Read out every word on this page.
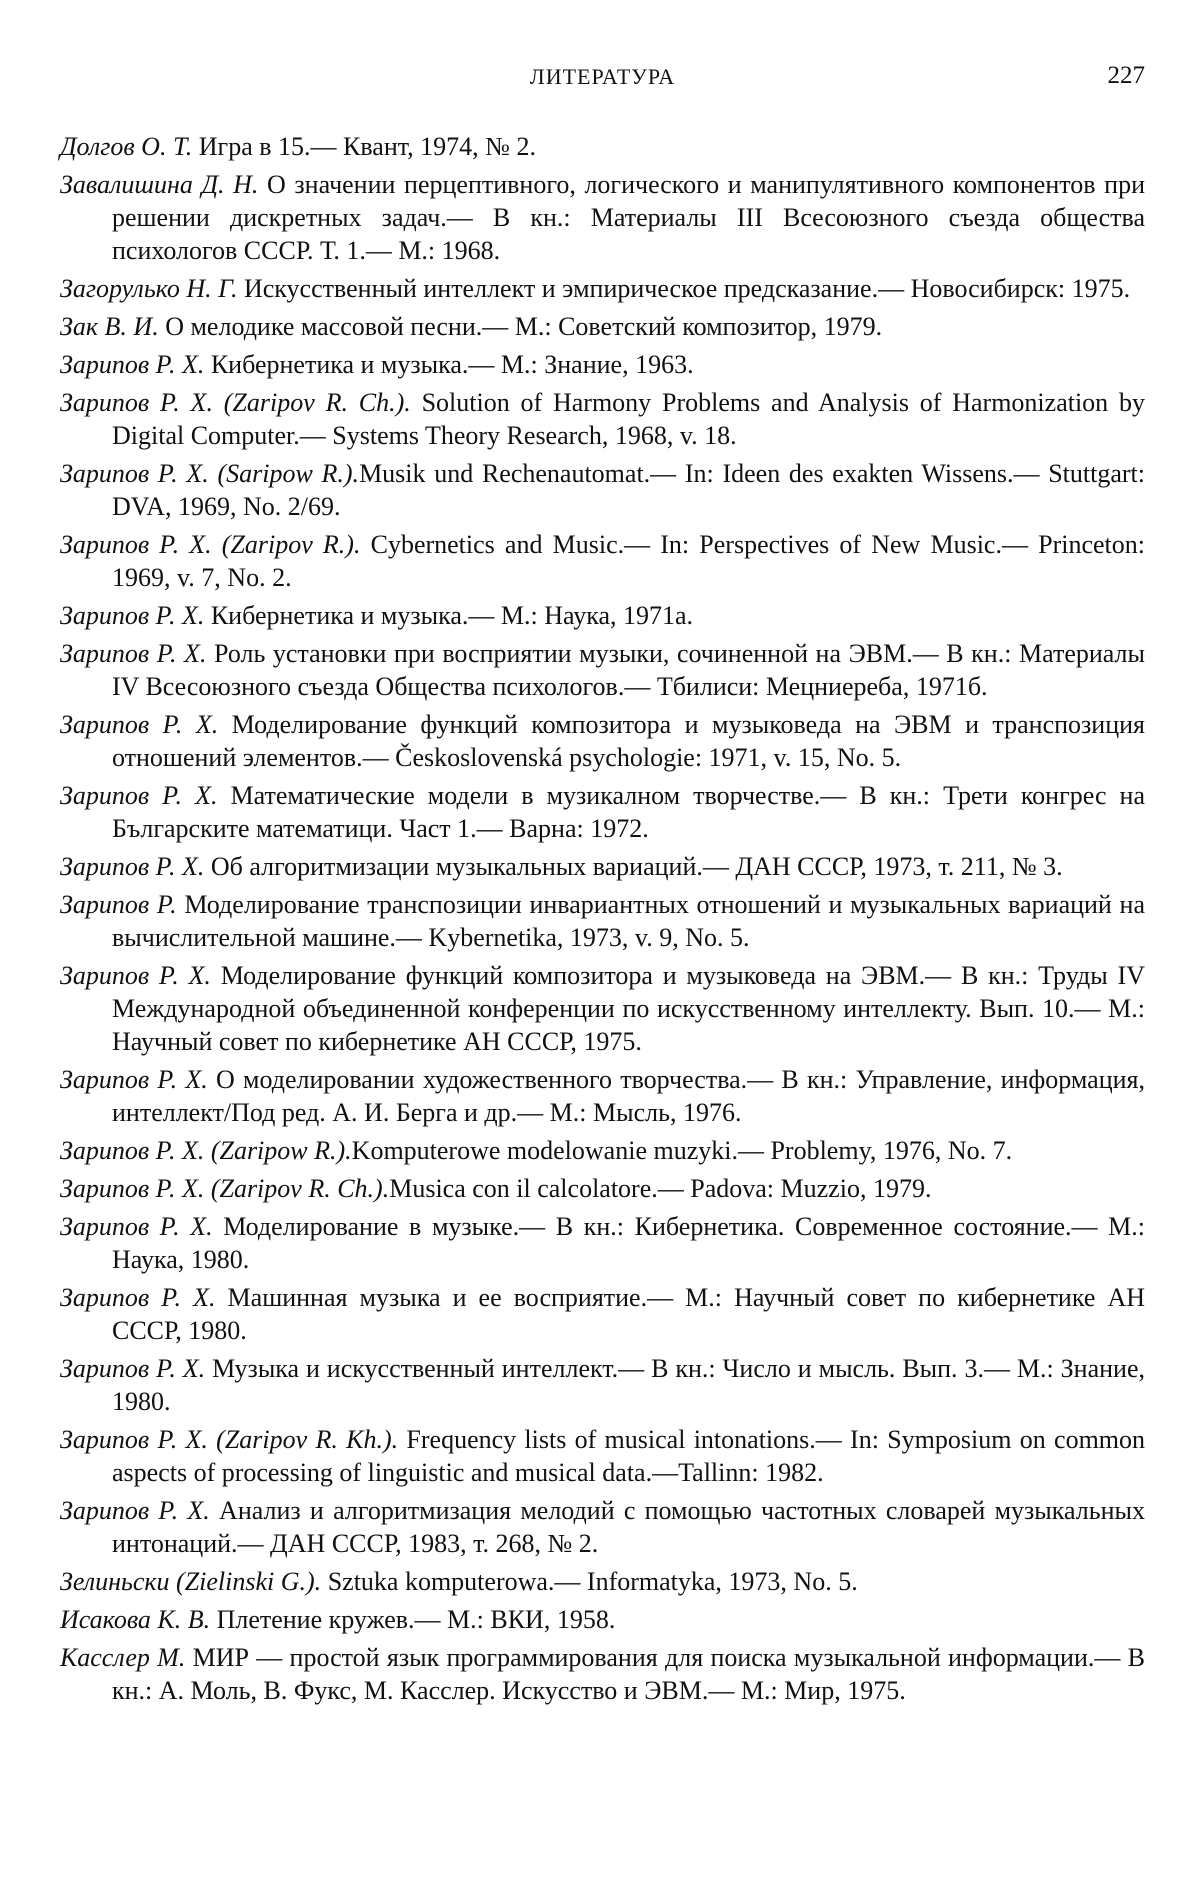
ЛИТЕРАТУРА	227
Долгов О. Т. Игра в 15.— Квант, 1974, № 2.
Завалишина Д. Н. О значении перцептивного, логического и манипулятивного компонентов при решении дискретных задач.— В кн.: Материалы III Всесоюзного съезда общества психологов СССР. Т. 1.— М.: 1968.
Загорулько Н. Г. Искусственный интеллект и эмпирическое предсказание.— Новосибирск: 1975.
Зак В. И. О мелодике массовой песни.— М.: Советский композитор, 1979.
Зарипов Р. Х. Кибернетика и музыка.— М.: Знание, 1963.
Зарипов Р. Х. (Zaripov R. Ch.). Solution of Harmony Problems and Analysis of Harmonization by Digital Computer.— Systems Theory Research, 1968, v. 18.
Зарипов Р. Х. (Saripow R.).Musik und Rechenautomat.— In: Ideen des exakten Wissens.— Stuttgart: DVA, 1969, No. 2/69.
Зарипов Р. Х. (Zaripov R.). Cybernetics and Music.— In: Perspectives of New Music.— Princeton: 1969, v. 7, No. 2.
Зарипов Р. Х. Кибернетика и музыка.— М.: Наука, 1971a.
Зарипов Р. Х. Роль установки при восприятии музыки, сочиненной на ЭВМ.— В кн.: Материалы IV Всесоюзного съезда Общества психологов.— Тбилиси: Мецниереба, 1971б.
Зарипов Р. Х. Моделирование функций композитора и музыковеда на ЭВМ и транспозиция отношений элементов.— Československá psychologie: 1971, v. 15, No. 5.
Зарипов Р. Х. Математические модели в музикалном творчестве.— В кн.: Трети конгрес на Българските математици. Част 1.— Варна: 1972.
Зарипов Р. Х. Об алгоритмизации музыкальных вариаций.— ДАН СССР, 1973, т. 211, № 3.
Зарипов Р. Моделирование транспозиции инвариантных отношений и музыкальных вариаций на вычислительной машине.— Kybernetika, 1973, v. 9, No. 5.
Зарипов Р. Х. Моделирование функций композитора и музыковеда на ЭВМ.— В кн.: Труды IV Международной объединенной конференции по искусственному интеллекту. Вып. 10.— М.: Научный совет по кибернетике АН СССР, 1975.
Зарипов Р. Х. О моделировании художественного творчества.— В кн.: Управление, информация, интеллект/Под ред. А. И. Берга и др.— М.: Мысль, 1976.
Зарипов Р. Х. (Zaripow R.).Komputerowe modelowanie muzyki.— Problemy, 1976, No. 7.
Зарипов Р. Х. (Zaripov R. Ch.).Musica con il calcolatore.— Padova: Muzzio, 1979.
Зарипов Р. Х. Моделирование в музыке.— В кн.: Кибернетика. Современное состояние.— М.: Наука, 1980.
Зарипов Р. Х. Машинная музыка и ее восприятие.— М.: Научный совет по кибернетике АН СССР, 1980.
Зарипов Р. Х. Музыка и искусственный интеллект.— В кн.: Число и мысль. Вып. 3.— М.: Знание, 1980.
Зарипов Р. Х. (Zaripov R. Kh.). Frequency lists of musical intonations.— In: Symposium on common aspects of processing of linguistic and musical data.—Tallinn: 1982.
Зарипов Р. Х. Анализ и алгоритмизация мелодий с помощью частотных словарей музыкальных интонаций.— ДАН СССР, 1983, т. 268, № 2.
Зелиньски (Zielinski G.). Sztuka komputerowa.— Informatyka, 1973, No. 5.
Исакова К. В. Плетение кружев.— М.: ВКИ, 1958.
Касслер М. МИР — простой язык программирования для поиска музыкальной информации.— В кн.: А. Моль, В. Фукс, М. Касслер. Искусство и ЭВМ.— М.: Мир, 1975.
